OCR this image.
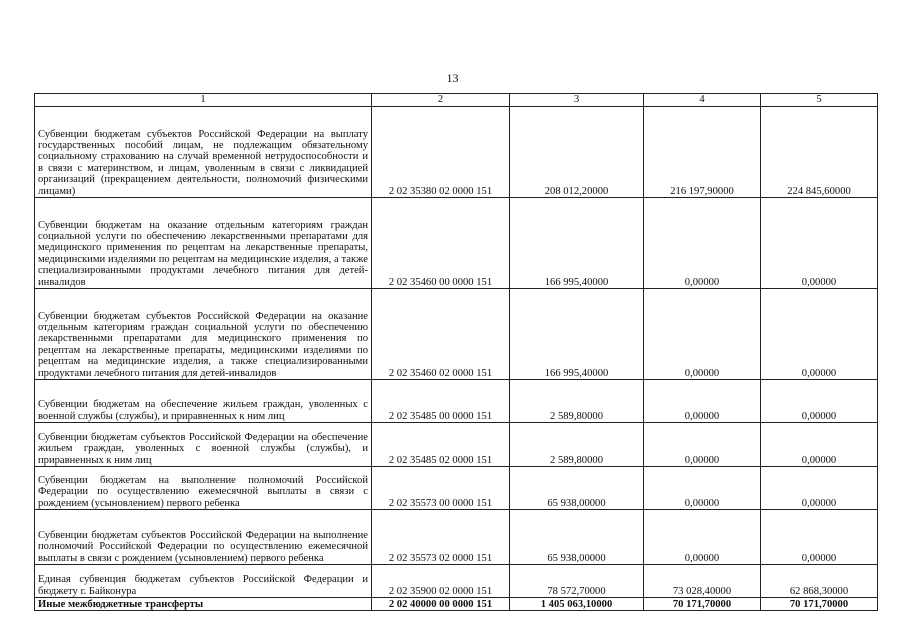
13
1	2	3	4	5
Субвенции бюджетам субъектов Российской Федерации на выплату государственных пособий лицам, не подлежащим обязательному социальному страхованию на случай временной нетрудоспособности и в связи с материнством, и лицам, уволенным в связи с ликвидацией организаций (прекращением деятельности, полномочий физическими лицами)	2 02 35380 02 0000 151	208 012,20000	216 197,90000	224 845,60000
Субвенции бюджетам на оказание отдельным категориям граждан социальной услуги по обеспечению лекарственными препаратами для медицинского применения по рецептам на лекарственные препараты, медицинскими изделиями по рецептам на медицинские изделия, а также специализированными продуктами лечебного питания для детей-инвалидов	2 02 35460 00 0000 151	166 995,40000	0,00000	0,00000
Субвенции бюджетам субъектов Российской Федерации на оказание отдельным категориям граждан социальной услуги по обеспечению лекарственными препаратами для медицинского применения по рецептам на лекарственные препараты, медицинскими изделиями по рецептам на медицинские изделия, а также специализированными продуктами лечебного питания для детей-инвалидов	2 02 35460 02 0000 151	166 995,40000	0,00000	0,00000
Субвенции бюджетам на обеспечение жильем граждан, уволенных с военной службы (службы), и приравненных к ним лиц	2 02 35485 00 0000 151	2 589,80000	0,00000	0,00000
Субвенции бюджетам субъектов Российской Федерации на обеспечение жильем граждан, уволенных с военной службы (службы), и приравненных к ним лиц	2 02 35485 02 0000 151	2 589,80000	0,00000	0,00000
Субвенции бюджетам на выполнение полномочий Российской Федерации по осуществлению ежемесячной выплаты в связи с рождением (усыновлением) первого ребенка	2 02 35573 00 0000 151	65 938,00000	0,00000	0,00000
Субвенции бюджетам субъектов Российской Федерации на выполнение полномочий Российской Федерации по осуществлению ежемесячной выплаты в связи с рождением (усыновлением) первого ребенка	2 02 35573 02 0000 151	65 938,00000	0,00000	0,00000
Единая субвенция бюджетам субъектов Российской Федерации и бюджету г. Байконура	2 02 35900 02 0000 151	78 572,70000	73 028,40000	62 868,30000
Иные межбюджетные трансферты	2 02 40000 00 0000 151	1 405 063,10000	70 171,70000	70 171,70000
